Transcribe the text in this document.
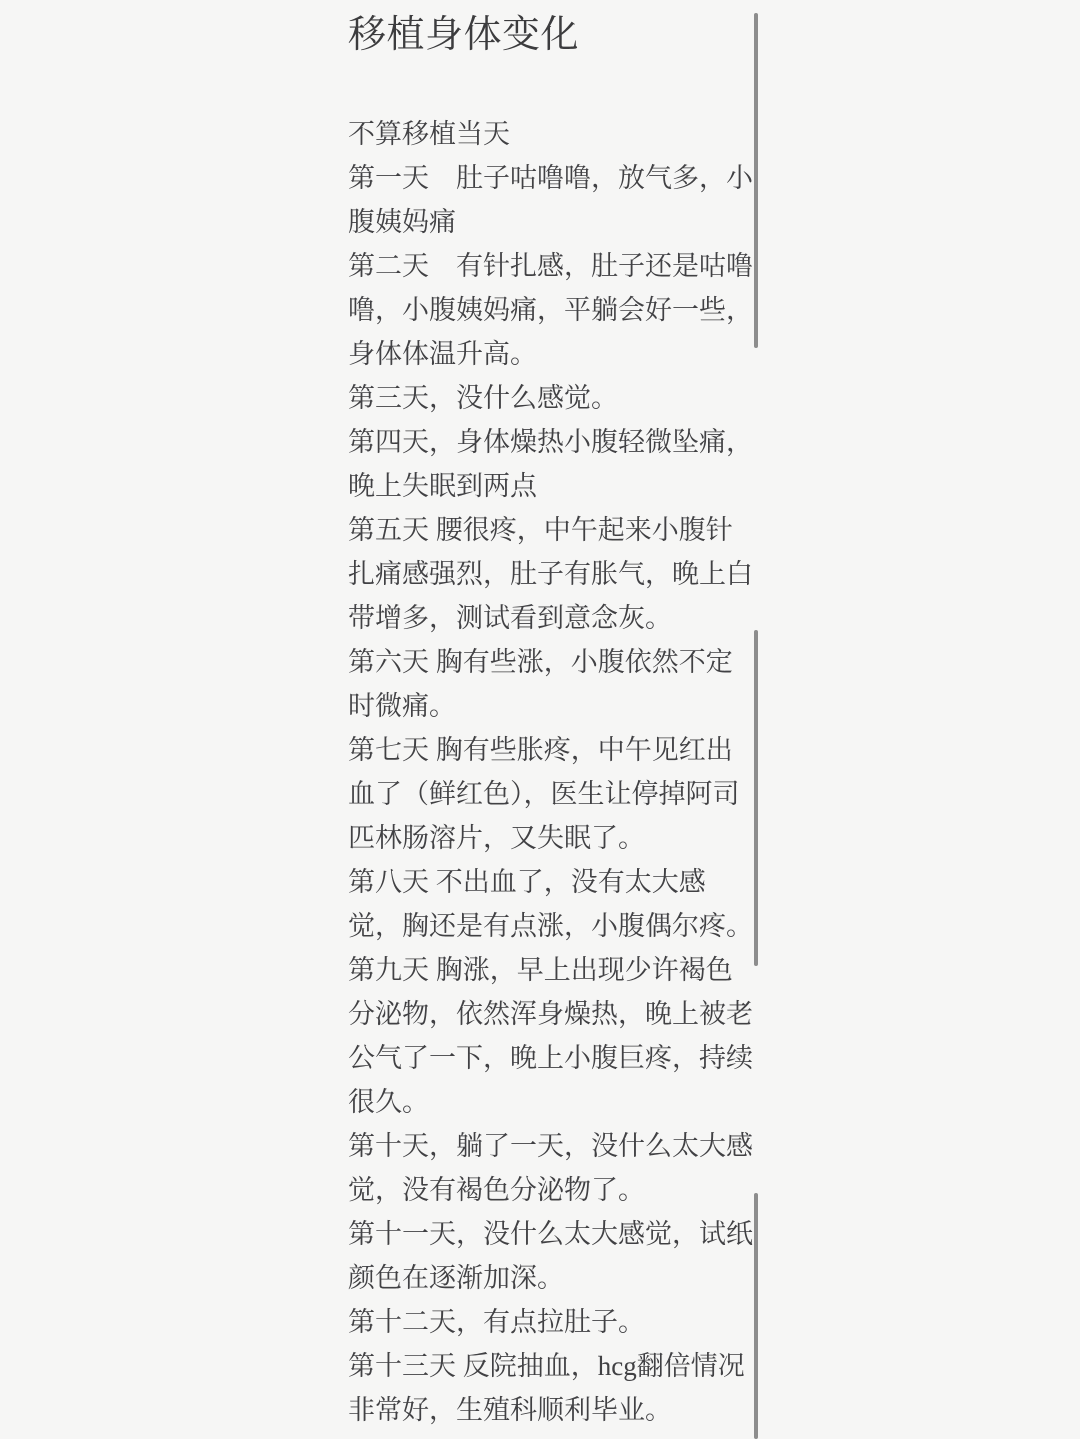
移植身体变化
不算移植当天
第一天　肚子咕噜噜，放气多，小
腹姨妈痛
第二天　有针扎感，肚子还是咕噜
噜，小腹姨妈痛，平躺会好一些，
身体体温升高。
第三天，没什么感觉。
第四天，身体燥热小腹轻微坠痛，
晚上失眠到两点
第五天 腰很疼，中午起来小腹针
扎痛感强烈，肚子有胀气，晚上白
带增多，测试看到意念灰。
第六天 胸有些涨，小腹依然不定
时微痛。
第七天 胸有些胀疼，中午见红出
血了（鲜红色），医生让停掉阿司
匹林肠溶片，又失眠了。
第八天 不出血了，没有太大感
觉，胸还是有点涨，小腹偶尔疼。
第九天 胸涨，早上出现少许褐色
分泌物，依然浑身燥热，晚上被老
公气了一下，晚上小腹巨疼，持续
很久。
第十天，躺了一天，没什么太大感
觉，没有褐色分泌物了。
第十一天，没什么太大感觉，试纸
颜色在逐渐加深。
第十二天，有点拉肚子。
第十三天 反院抽血，hcg翻倍情况
非常好，生殖科顺利毕业。
